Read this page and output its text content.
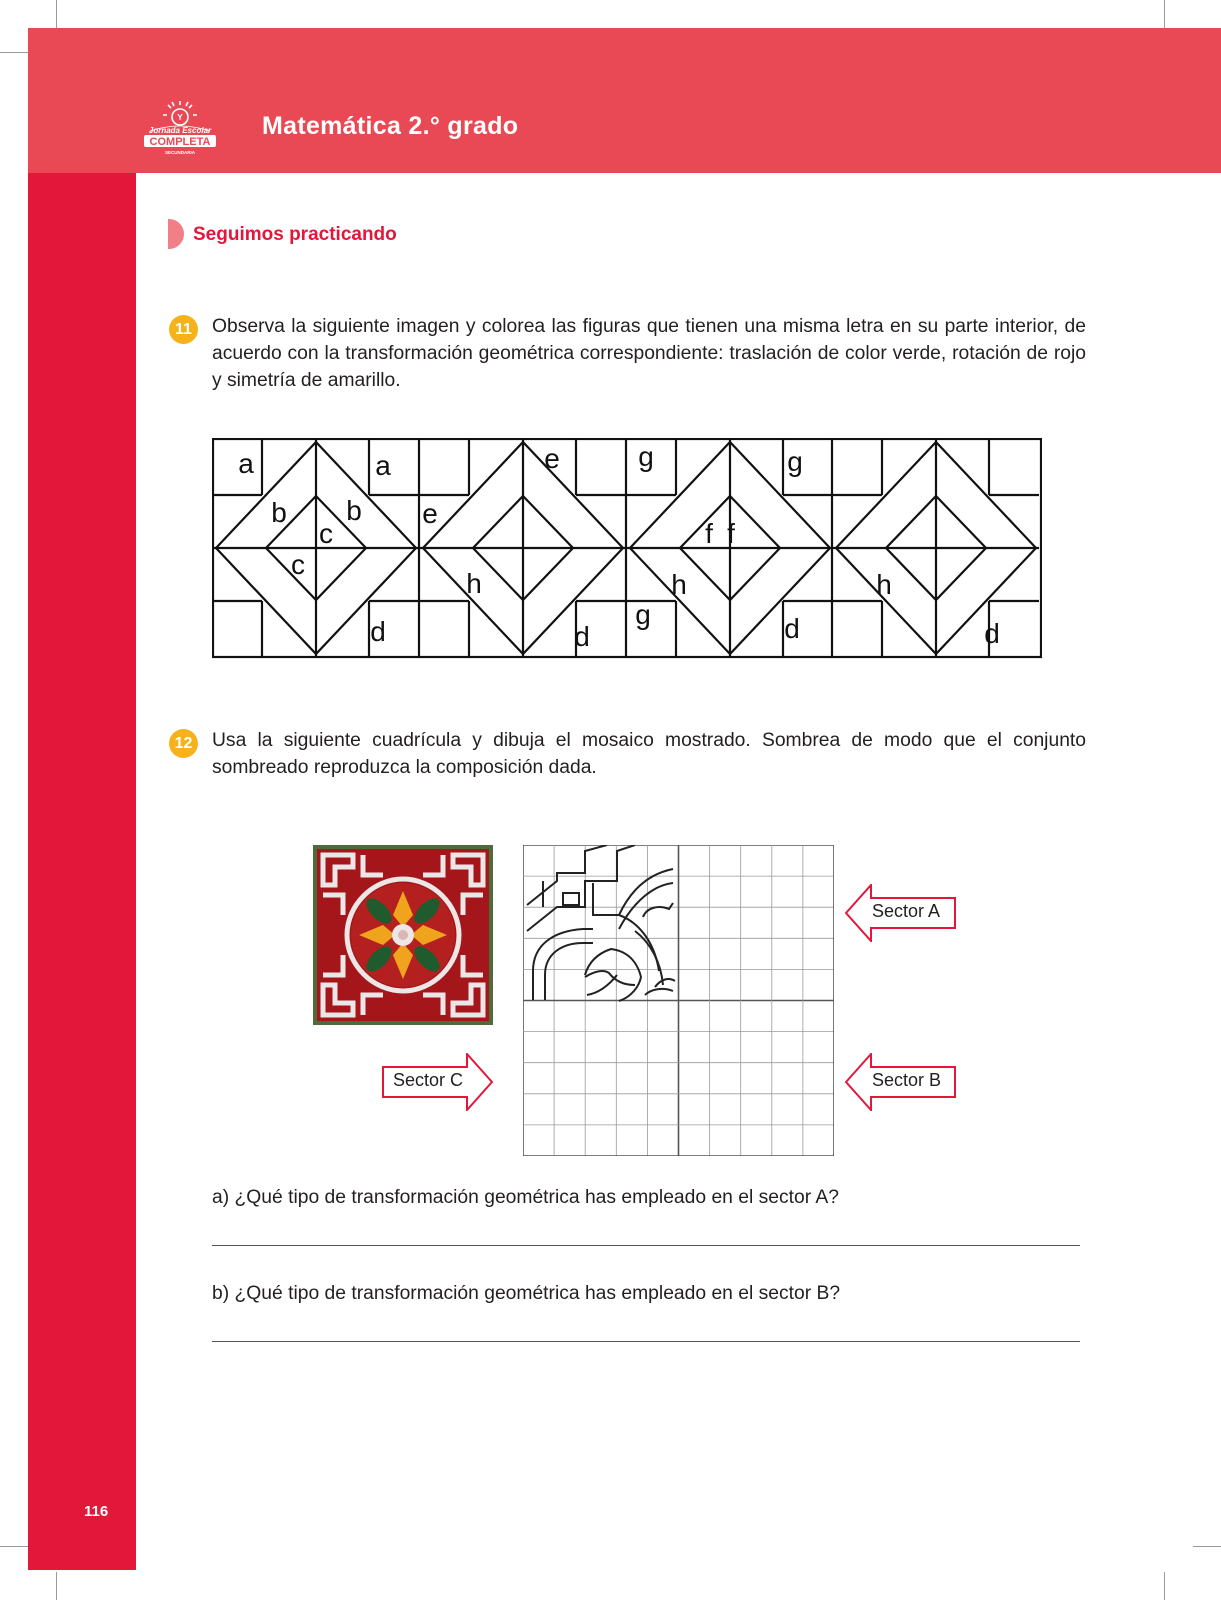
Y
Jornada Escolar
COMPLETA
SECUNDARIA
Matemática 2.° grado
Seguimos practicando
11	Observa la siguiente imagen y colorea las figuras que tienen una misma letra en su parte interior, de acuerdo con la transformación geométrica correspondiente: traslación de color verde, rotación de rojo y simetría de amarillo.

a	a
b b
c
c
d	d	d	d
e
e
f f
g	g
g
h	h	h
12 Usa la siguiente cuadrícula y dibuja el mosaico mostrado. Sombrea de modo que el conjunto sombreado reproduzca la composición dada.

Sector A
Sector B
Sector C
a) ¿Qué tipo de transformación geométrica has empleado en el sector A?
b) ¿Qué tipo de transformación geométrica has empleado en el sector B?
116
